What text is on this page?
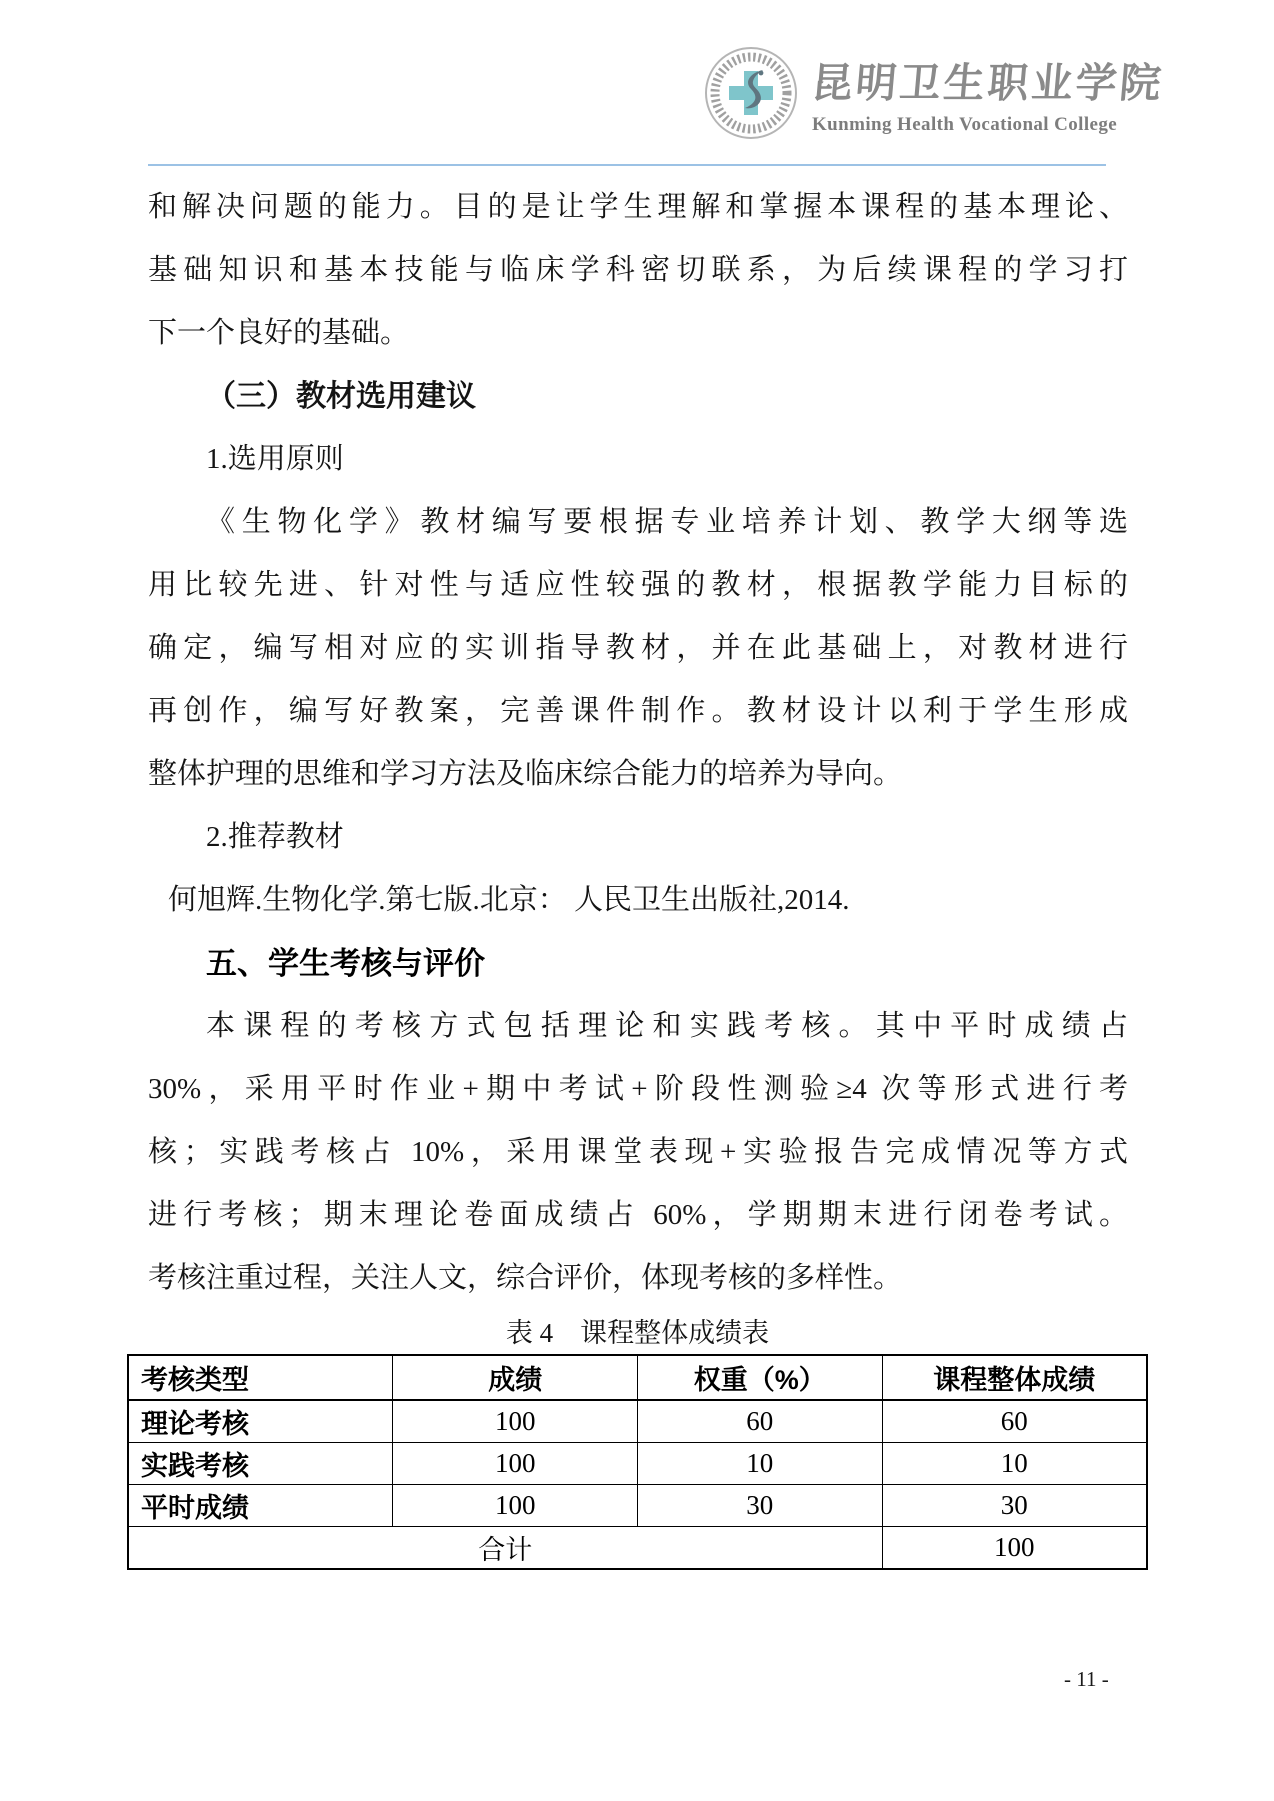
昆明卫生职业学院
Kunming Health Vocational College
和解决问题的能力。目的是让学生理解和掌握本课程的基本理论、
基础知识和基本技能与临床学科密切联系，为后续课程的学习打
下一个良好的基础。
（三）教材选用建议
1.选用原则
《生物化学》教材编写要根据专业培养计划、教学大纲等选
用比较先进、针对性与适应性较强的教材，根据教学能力目标的
确定，编写相对应的实训指导教材，并在此基础上，对教材进行
再创作，编写好教案，完善课件制作。教材设计以利于学生形成
整体护理的思维和学习方法及临床综合能力的培养为导向。
2.推荐教材
何旭辉.生物化学.第七版.北京： 人民卫生出版社,2014.
五、学生考核与评价
本课程的考核方式包括理论和实践考核。其中平时成绩占
30%，采用平时作业+期中考试+阶段性测验≥4 次等形式进行考
核；实践考核占 10%，采用课堂表现+实验报告完成情况等方式
进行考核；期末理论卷面成绩占 60%，学期期末进行闭卷考试。
考核注重过程，关注人文，综合评价，体现考核的多样性。
表 4　课程整体成绩表
考核类型	成绩	权重（%）	课程整体成绩
理论考核	100	60	60
实践考核	100	10	10
平时成绩	100	30	30
合计			100
- 11 -
